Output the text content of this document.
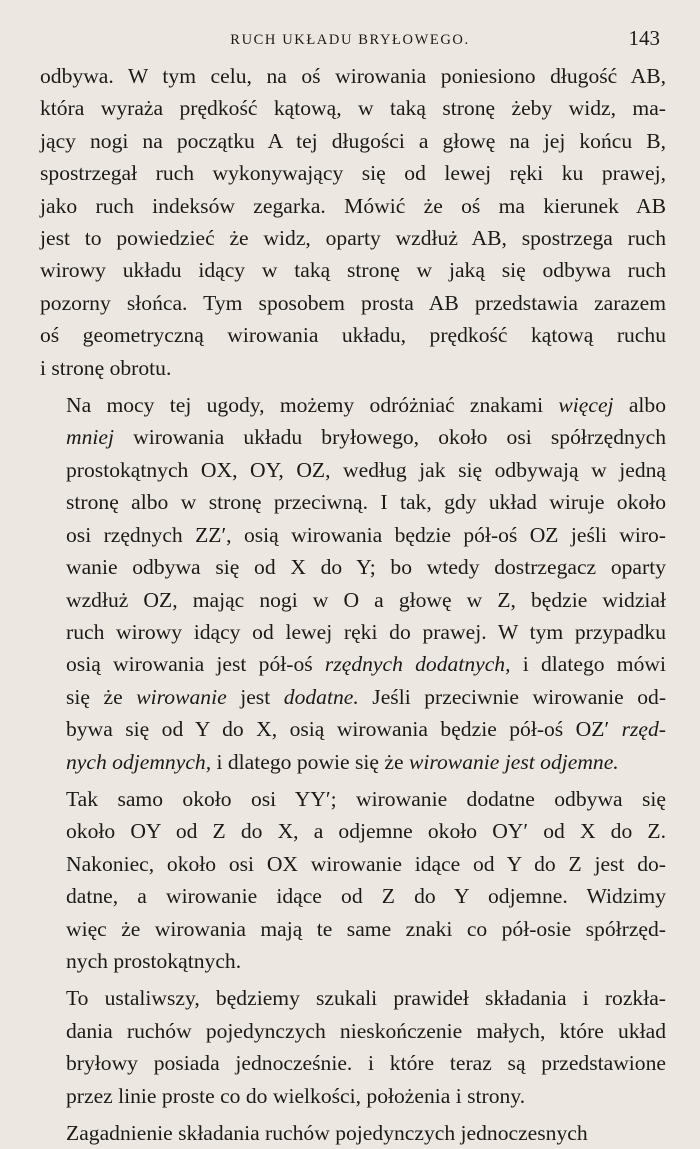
RUCH UKŁADU BRYŁOWEGO.	143
odbywa. W tym celu, na oś wirowania poniesiono długość AB,
która wyraża prędkość kątową, w taką stronę żeby widz, ma-
jący nogi na początku A tej długości a głowę na jej końcu B,
spostrzegał ruch wykonywający się od lewej ręki ku prawej,
jako ruch indeksów zegarka. Mówić że oś ma kierunek AB
jest to powiedzieć że widz, oparty wzdłuż AB, spostrzega ruch
wirowy układu idący w taką stronę w jaką się odbywa ruch
pozorny słońca. Tym sposobem prosta AB przedstawia zarazem
oś geometryczną wirowania układu, prędkość kątową ruchu
i stronę obrotu.
Na mocy tej ugody, możemy odróżniać znakami więcej albo
mniej wirowania układu bryłowego, około osi spółrzędnych
prostokątnych OX, OY, OZ, według jak się odbywają w jedną
stronę albo w stronę przeciwną. I tak, gdy układ wiruje około
osi rzędnych ZZ′, osią wirowania będzie pół-oś OZ jeśli wiro-
wanie odbywa się od X do Y; bo wtedy dostrzegacz oparty
wzdłuż OZ, mając nogi w O a głowę w Z, będzie widział
ruch wirowy idący od lewej ręki do prawej. W tym przypadku
osią wirowania jest pół-oś rzędnych dodatnych, i dlatego mówi
się że wirowanie jest dodatne. Jeśli przeciwnie wirowanie od-
bywa się od Y do X, osią wirowania będzie pół-oś OZ′ rzęd-
nych odjemnych, i dlatego powie się że wirowanie jest odjemne.
Tak samo około osi YY′; wirowanie dodatne odbywa się
około OY od Z do X, a odjemne około OY′ od X do Z.
Nakoniec, około osi OX wirowanie idące od Y do Z jest do-
datne, a wirowanie idące od Z do Y odjemne. Widzimy
więc że wirowania mają te same znaki co pół-osie spółrzęd-
nych prostokątnych.
To ustaliwszy, będziemy szukali prawideł składania i rozkła-
dania ruchów pojedynczych nieskończenie małych, które układ
bryłowy posiada jednocześnie. i które teraz są przedstawione
przez linie proste co do wielkości, położenia i strony.
Zagadnienie składania ruchów pojedynczych jednoczesnych
